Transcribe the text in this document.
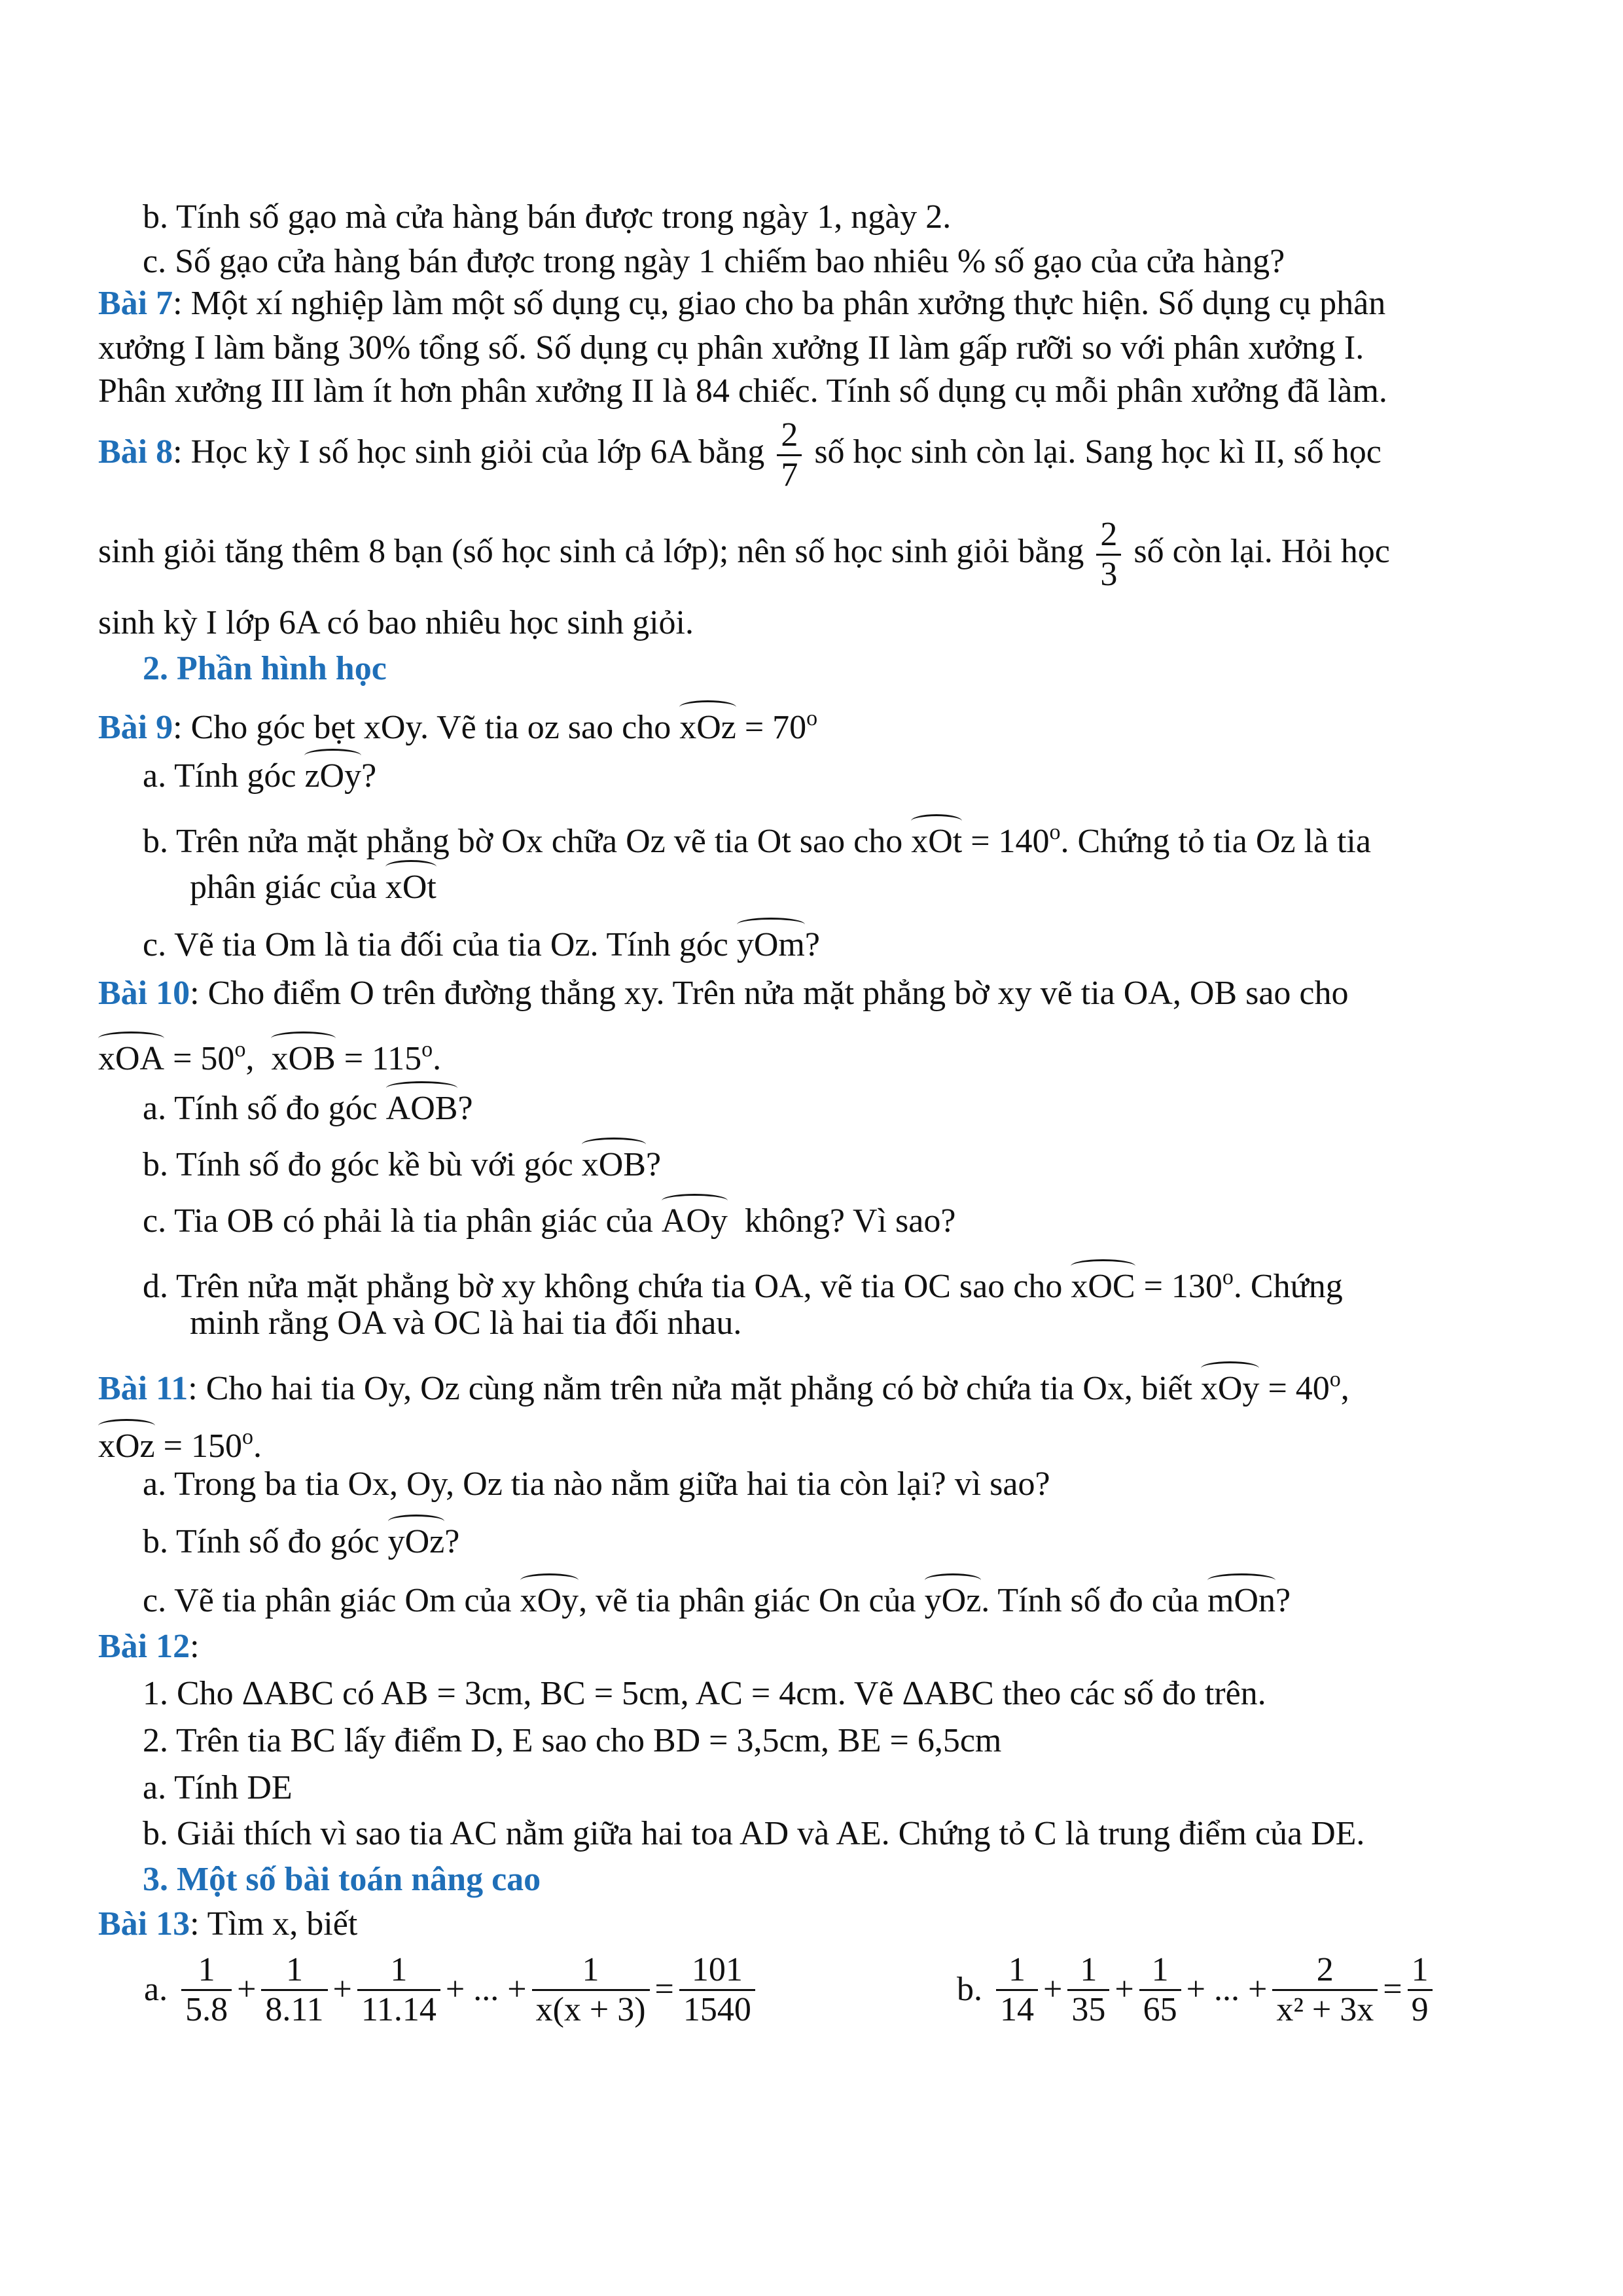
b. Tính số gạo mà cửa hàng bán được trong ngày 1, ngày 2.
c. Số gạo cửa hàng bán được trong ngày 1 chiếm bao nhiêu % số gạo của cửa hàng?
Bài 7: Một xí nghiệp làm một số dụng cụ, giao cho ba phân xưởng thực hiện. Số dụng cụ phân
xưởng I làm bằng 30% tổng số. Số dụng cụ phân xưởng II làm gấp rưỡi so với phân xưởng I.
Phân xưởng III làm ít hơn phân xưởng II là 84 chiếc. Tính số dụng cụ mỗi phân xưởng đã làm.
Bài 8: Học kỳ I số học sinh giỏi của lớp 6A bằng $\frac{2}{7}$ số học sinh còn lại. Sang học kì II, số học
sinh giỏi tăng thêm 8 bạn (số học sinh cả lớp); nên số học sinh giỏi bằng $\frac{2}{3}$ số còn lại. Hỏi học
sinh kỳ I lớp 6A có bao nhiêu học sinh giỏi.
2. Phần hình học
Bài 9: Cho góc bẹt xOy. Vẽ tia oz sao cho xOz = $70^o$
a. Tính góc zOy?
b. Trên nửa mặt phẳng bờ Ox chữa Oz vẽ tia Ot sao cho xOt = $140^o$. Chứng tỏ tia Oz là tia
phân giác của xOt
c. Vẽ tia Om là tia đối của tia Oz. Tính góc yOm?
Bài 10: Cho điểm O trên đường thẳng xy. Trên nửa mặt phẳng bờ xy vẽ tia OA, OB sao cho
xOA = $50^o$, xOB = $115^o$.
a. Tính số đo góc AOB?
b. Tính số đo góc kề bù với góc xOB?
c. Tia OB có phải là tia phân giác của AOy không? Vì sao?
d. Trên nửa mặt phẳng bờ xy không chứa tia OA, vẽ tia OC sao cho xOC = $130^o$. Chứng
minh rằng OA và OC là hai tia đối nhau.
Bài 11: Cho hai tia Oy, Oz cùng nằm trên nửa mặt phẳng có bờ chứa tia Ox, biết xOy = $40^o$,
xOz = $150^o$.
a. Trong ba tia Ox, Oy, Oz tia nào nằm giữa hai tia còn lại? vì sao?
b. Tính số đo góc yOz?
c. Vẽ tia phân giác Om của xOy, vẽ tia phân giác On của yOz. Tính số đo của mOn?
Bài 12:
1. Cho ΔABC có AB = 3cm, BC = 5cm, AC = 4cm. Vẽ ΔABC theo các số đo trên.
2. Trên tia BC lấy điểm D, E sao cho BD = 3,5cm, BE = 6,5cm
a. Tính DE
b. Giải thích vì sao tia AC nằm giữa hai toa AD và AE. Chứng tỏ C là trung điểm của DE.
3. Một số bài toán nâng cao
Bài 13: Tìm x, biết
a. $\frac{1}{5.8} + \frac{1}{8.11} + \frac{1}{11.14}$ + ... + $\frac{1}{x(x + 3)} = \frac{101}{1540}$	b. $\frac{1}{14} + \frac{1}{35} + \frac{1}{65}$ + ... + $\frac{2}{\text{x² + 3x}} = \frac{1}{9}$
